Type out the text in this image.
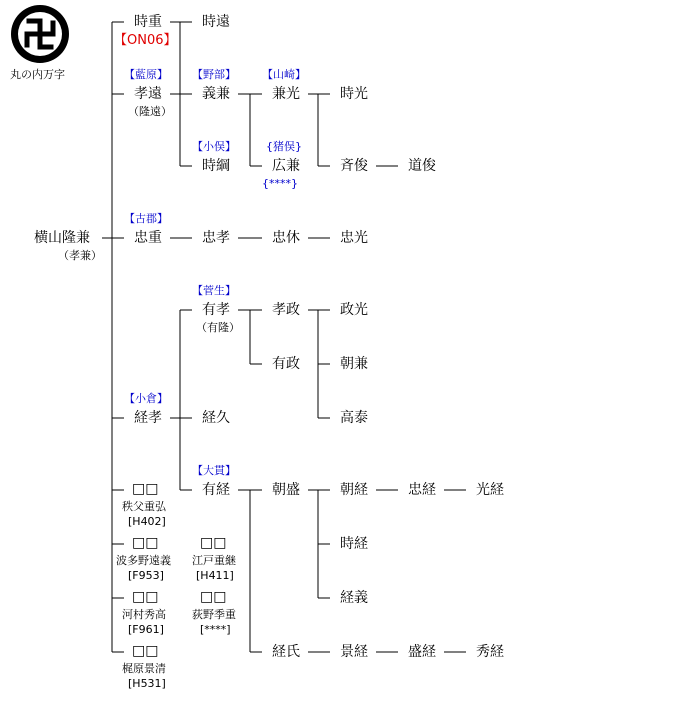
丸の内万字
横山隆兼
（孝兼）
時重
【ON06】
【藍原】
孝遠
（隆遠）
【古郡】
忠重
【小倉】
経孝
□□
秩父重弘
[H402]
□□
波多野遠義
[F953]
□□
河村秀高
[F961]
□□
梶原景清
[H531]
時遠
【野部】
義兼
【小俣】
時綱
忠孝
【菅生】
有孝
（有隆）
経久
【大貫】
有経
□□
江戸重継
[H411]
□□
荻野季重
[****]
【山崎】
兼光
{猪俣}
広兼
{****}
忠休
孝政
有政
朝盛
経氏
時光
斉俊
忠光
政光
朝兼
高泰
朝経
時経
経義
景経
道俊
忠経
盛経
光経
秀経
